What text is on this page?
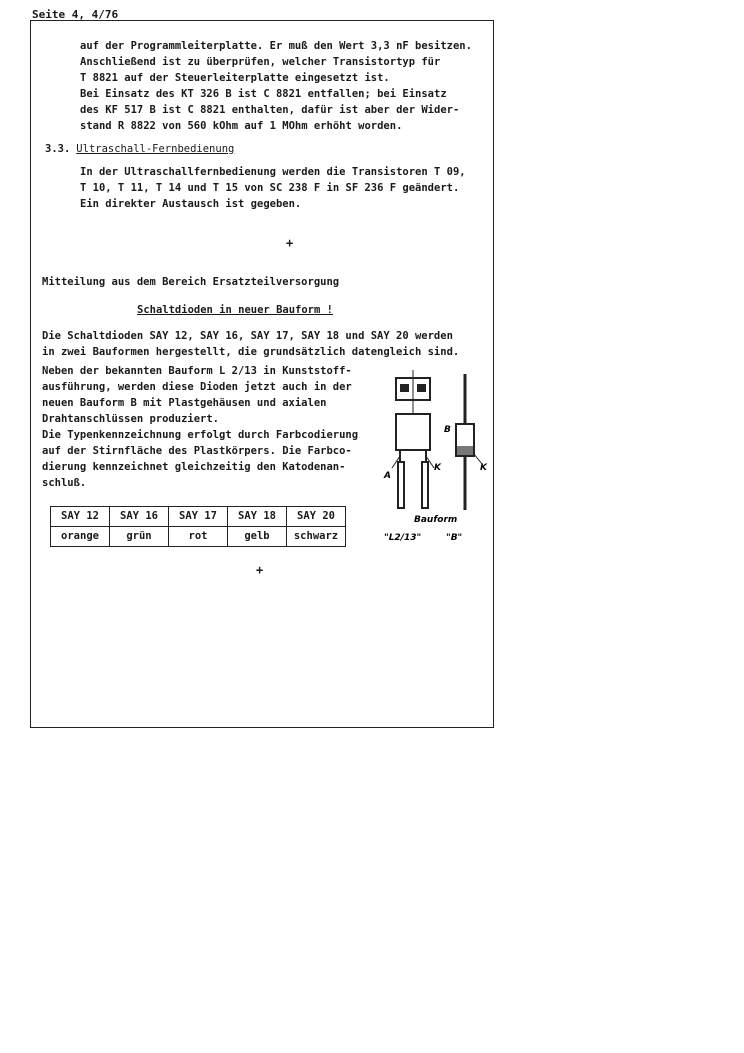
Seite 4, 4/76
auf der Programmleiterplatte. Er muß den Wert 3,3 nF besitzen.
Anschließend ist zu überprüfen, welcher Transistortyp für
T 8821 auf der Steuerleiterplatte eingesetzt ist.
Bei Einsatz des KT 326 B ist C 8821 entfallen; bei Einsatz
des KF 517 B ist C 8821 enthalten, dafür ist aber der Wider-
stand R 8822 von 560 kOhm auf 1 MOhm erhöht worden.
3.3. Ultraschall-Fernbedienung
In der Ultraschallfernbedienung werden die Transistoren T 09,
T 10, T 11, T 14 und T 15 von SC 238 F in SF 236 F geändert.
Ein direkter Austausch ist gegeben.
+
Mitteilung aus dem Bereich Ersatzteilversorgung
Schaltdioden in neuer Bauform !
Die Schaltdioden SAY 12, SAY 16, SAY 17, SAY 18 und SAY 20 werden
in zwei Bauformen hergestellt, die grundsätzlich datengleich sind.
Neben der bekannten Bauform L 2/13 in Kunststoff-
ausführung, werden diese Dioden jetzt auch in der
neuen Bauform B mit Plastgehäusen und axialen
Drahtanschlüssen produziert.
Die Typenkennzeichnung erfolgt durch Farbcodierung
auf der Stirnfläche des Plastkörpers. Die Farbco-
dierung kennzeichnet gleichzeitig den Katodenan-
schluß.
SAY 12	SAY 16	SAY 17	SAY 18	SAY 20
orange	grün	rot	gelb	schwarz
A
K
B
K
Bauform
"L2/13"	"B"
+
